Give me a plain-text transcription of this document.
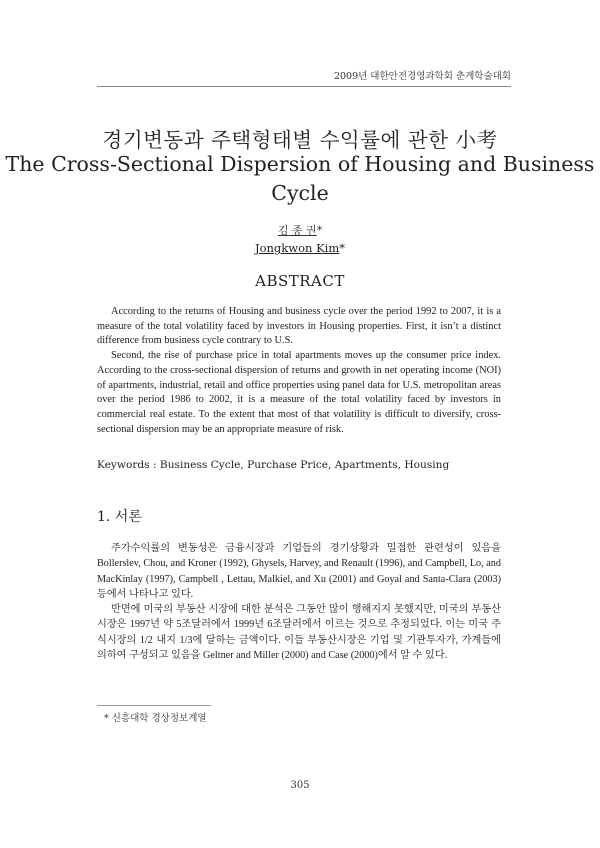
2009년 대한안전경영과학회 춘계학술대회
경기변동과 주택형태별 수익률에 관한 小考
The Cross-Sectional Dispersion of Housing and Business Cycle
김 종 권*
Jongkwon Kim*
ABSTRACT

According to the returns of Housing and business cycle over the period 1992 to 2007, it is a measure of the total volatility faced by investors in Housing properties. First, it isn’t a distinct difference from business cycle contrary to U.S.

Second, the rise of purchase price in total apartments moves up the consumer price index. According to the cross-sectional dispersion of returns and growth in net operating income (NOI) of apartments, industrial, retail and office properties using panel data for U.S. metropolitan areas over the period 1986 to 2002, it is a measure of the total volatility faced by investors in commercial real estate. To the extent that most of that volatility is difficult to diversify, cross-sectional dispersion may be an appropriate measure of risk.

Keywords : Business Cycle, Purchase Price, Apartments, Housing
1. 서론

주가수익률의 변동성은 금융시장과 기업들의 경기상황과 밀접한 관련성이 있음을 Bollerslev, Chou, and Kroner (1992), Ghysels, Harvey, and Renault (1996), and Campbell, Lo, and MacKinlay (1997), Campbell , Lettau, Malkiel, and Xu (2001) and Goyal and Santa-Clara (2003) 등에서 나타나고 있다.

반면에 미국의 부동산 시장에 대한 분석은 그동안 많이 행해지지 못했지만, 미국의 부동산시장은 1997년 약 5조달러에서 1999년 6조달러에서 이르는 것으로 추정되었다. 이는 미국 주식시장의 1/2 내지 1/3에 달하는 금액이다. 이들 부동산시장은 기업 및 기관투자가, 가계들에 의하여 구성되고 있음을 Geltner and Miller (2000) and Case (2000)에서 알 수 있다.

* 신흥대학 경상정보계열
305
